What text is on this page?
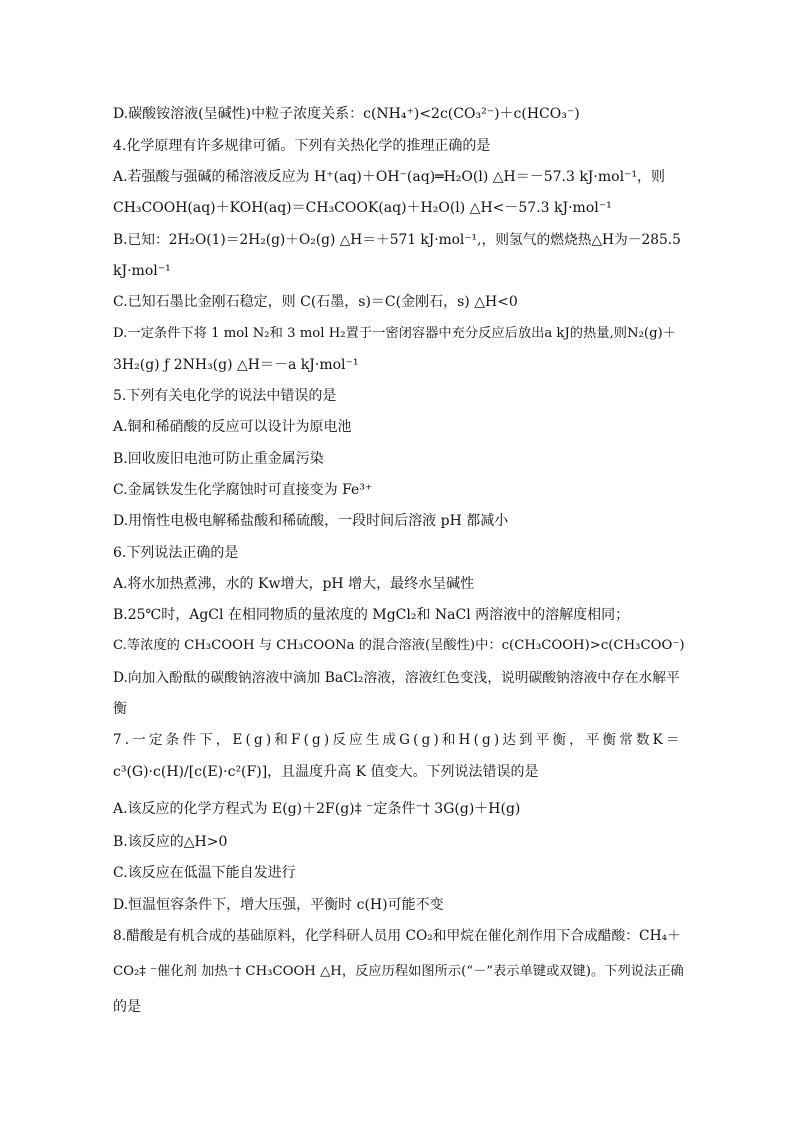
D.碳酸铵溶液(呈碱性)中粒子浓度关系：c(NH₄⁺)<2c(CO₃²⁻)＋c(HCO₃⁻)
4.化学原理有许多规律可循。下列有关热化学的推理正确的是
A.若强酸与强碱的稀溶液反应为 H⁺(aq)＋OH⁻(aq)═H₂O(l) △H＝－57.3 kJ·mol⁻¹，则
CH₃COOH(aq)＋KOH(aq)＝CH₃COOK(aq)＋H₂O(l) △H<－57.3 kJ·mol⁻¹
B.已知：2H₂O(1)＝2H₂(g)＋O₂(g) △H＝＋571 kJ·mol⁻¹,，则氢气的燃烧热△H为－285.5
kJ·mol⁻¹
C.已知石墨比金刚石稳定，则 C(石墨，s)＝C(金刚石，s) △H<0
D.一定条件下将 1 mol N₂和 3 mol H₂置于一密闭容器中充分反应后放出a kJ的热量,则N₂(g)＋
3H₂(g) ƒ 2NH₃(g) △H＝－a kJ·mol⁻¹
5.下列有关电化学的说法中错误的是
A.铜和稀硝酸的反应可以设计为原电池
B.回收废旧电池可防止重金属污染
C.金属铁发生化学腐蚀时可直接变为 Fe³⁺
D.用惰性电极电解稀盐酸和稀硫酸，一段时间后溶液 pH 都减小
6.下列说法正确的是
A.将水加热煮沸，水的 Kw增大，pH 增大，最终水呈碱性
B.25℃时，AgCl 在相同物质的量浓度的 MgCl₂和 NaCl 两溶液中的溶解度相同；
C.等浓度的 CH₃COOH 与 CH₃COONa 的混合溶液(呈酸性)中：c(CH₃COOH)>c(CH₃COO⁻)
D.向加入酚酞的碳酸钠溶液中滴加 BaCl₂溶液，溶液红色变浅，说明碳酸钠溶液中存在水解平
衡
7.一定条件下，E(g)和F(g)反应生成G(g)和H(g)达到平衡，平衡常数K＝
c³(G)·c(H)/[c(E)·c²(F)]，且温度升高 K 值变大。下列说法错误的是
A.该反应的化学方程式为 E(g)＋2F(g)‡ ⁻定条件⁻† 3G(g)＋H(g)
B.该反应的△H>0
C.该反应在低温下能自发进行
D.恒温恒容条件下，增大压强，平衡时 c(H)可能不变
8.醋酸是有机合成的基础原料，化学科研人员用 CO₂和甲烷在催化剂作用下合成醋酸：CH₄＋
CO₂‡ ⁻催化剂 加热⁻† CH₃COOH △H，反应历程如图所示(“－”表示单键或双键)。下列说法正确
的是
